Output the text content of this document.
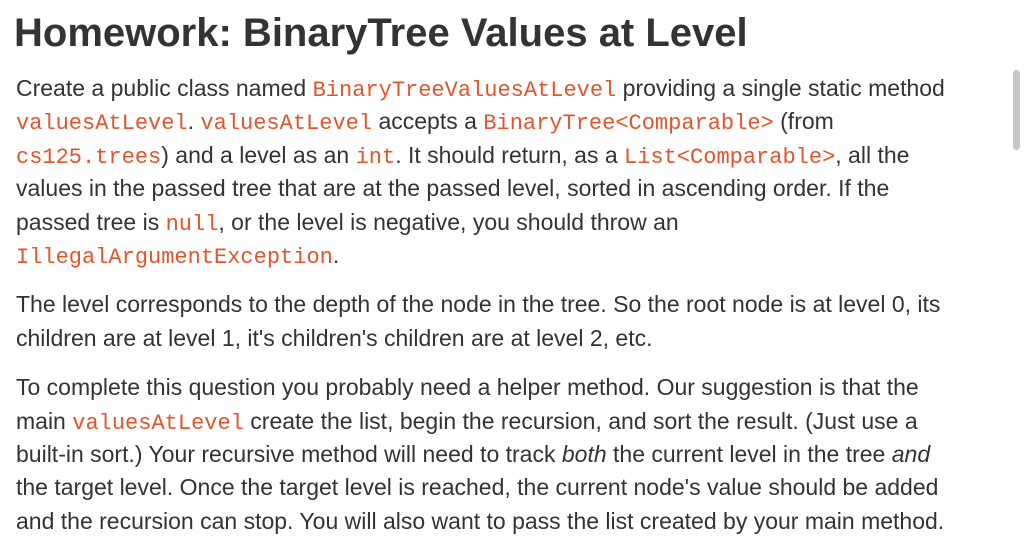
Homework: BinaryTree Values at Level
Create a public class named BinaryTreeValuesAtLevel providing a single static method
valuesAtLevel. valuesAtLevel accepts a BinaryTree<Comparable> (from
cs125.trees) and a level as an int. It should return, as a List<Comparable>, all the
values in the passed tree that are at the passed level, sorted in ascending order. If the
passed tree is null, or the level is negative, you should throw an
IllegalArgumentException.
The level corresponds to the depth of the node in the tree. So the root node is at level 0, its
children are at level 1, it's children's children are at level 2, etc.
To complete this question you probably need a helper method. Our suggestion is that the
main valuesAtLevel create the list, begin the recursion, and sort the result. (Just use a
built-in sort.) Your recursive method will need to track both the current level in the tree and
the target level. Once the target level is reached, the current node's value should be added
and the recursion can stop. You will also want to pass the list created by your main method.
